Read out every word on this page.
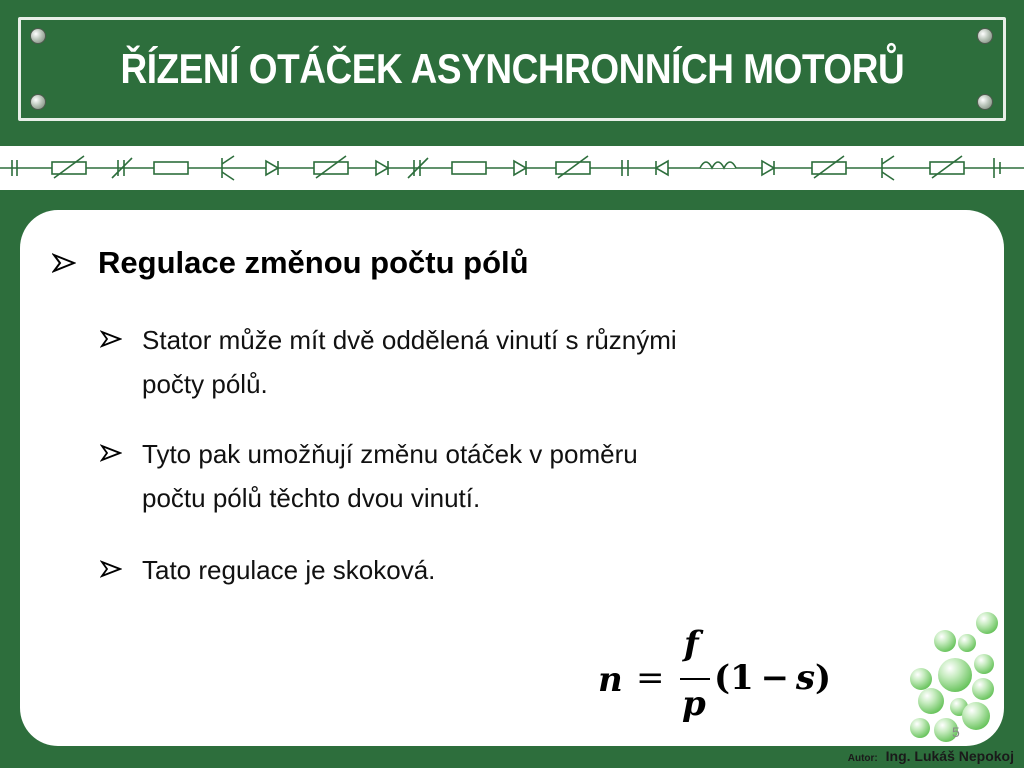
ŘÍZENÍ OTÁČEK ASYNCHRONNÍCH MOTORŮ
Regulace změnou počtu pólů
Stator může mít dvě oddělená vinutí s různými
počty pólů.
Tyto pak umožňují změnu otáček v poměru
počtu pólů těchto dvou vinutí.
Tato regulace je skoková.
n =
f
p
(1  −  s)
5
Autor: Ing. Lukáš Nepokoj
